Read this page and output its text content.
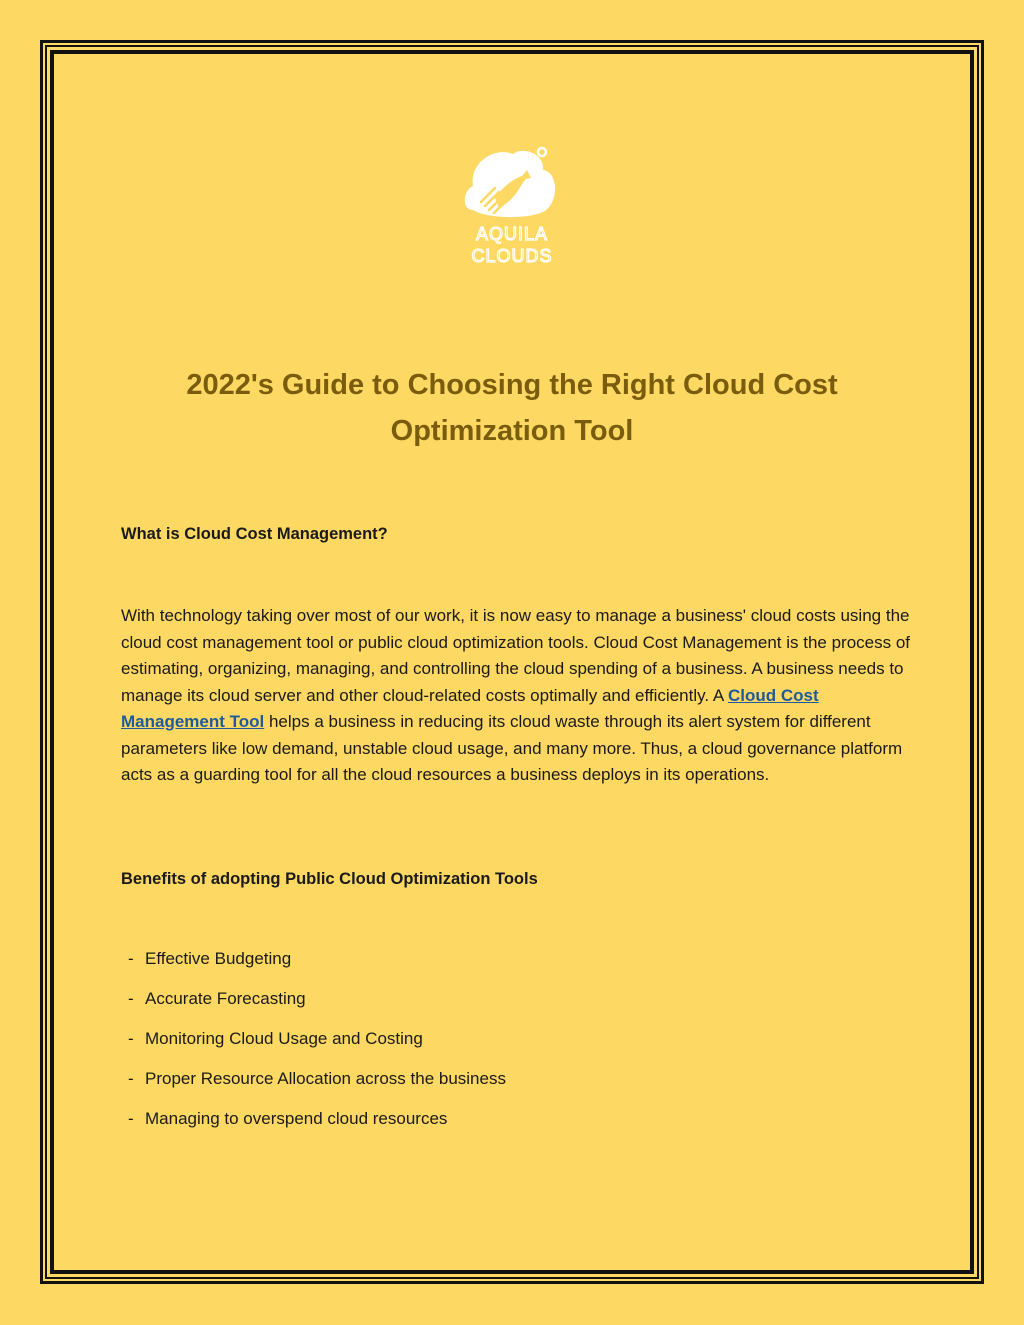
AQUILA
CLOUDS
2022's Guide to Choosing the Right Cloud Cost
Optimization Tool
What is Cloud Cost Management?

With technology taking over most of our work, it is now easy to manage a business' cloud costs using the cloud cost management tool or public cloud optimization tools. Cloud Cost Management is the process of estimating, organizing, managing, and controlling the cloud spending of a business. A business needs to manage its cloud server and other cloud-related costs optimally and efficiently. A Cloud Cost Management Tool helps a business in reducing its cloud waste through its alert system for different parameters like low demand, unstable cloud usage, and many more. Thus, a cloud governance platform acts as a guarding tool for all the cloud resources a business deploys in its operations.

Benefits of adopting Public Cloud Optimization Tools
- Effective Budgeting
- Accurate Forecasting
- Monitoring Cloud Usage and Costing
- Proper Resource Allocation across the business
- Managing to overspend cloud resources
